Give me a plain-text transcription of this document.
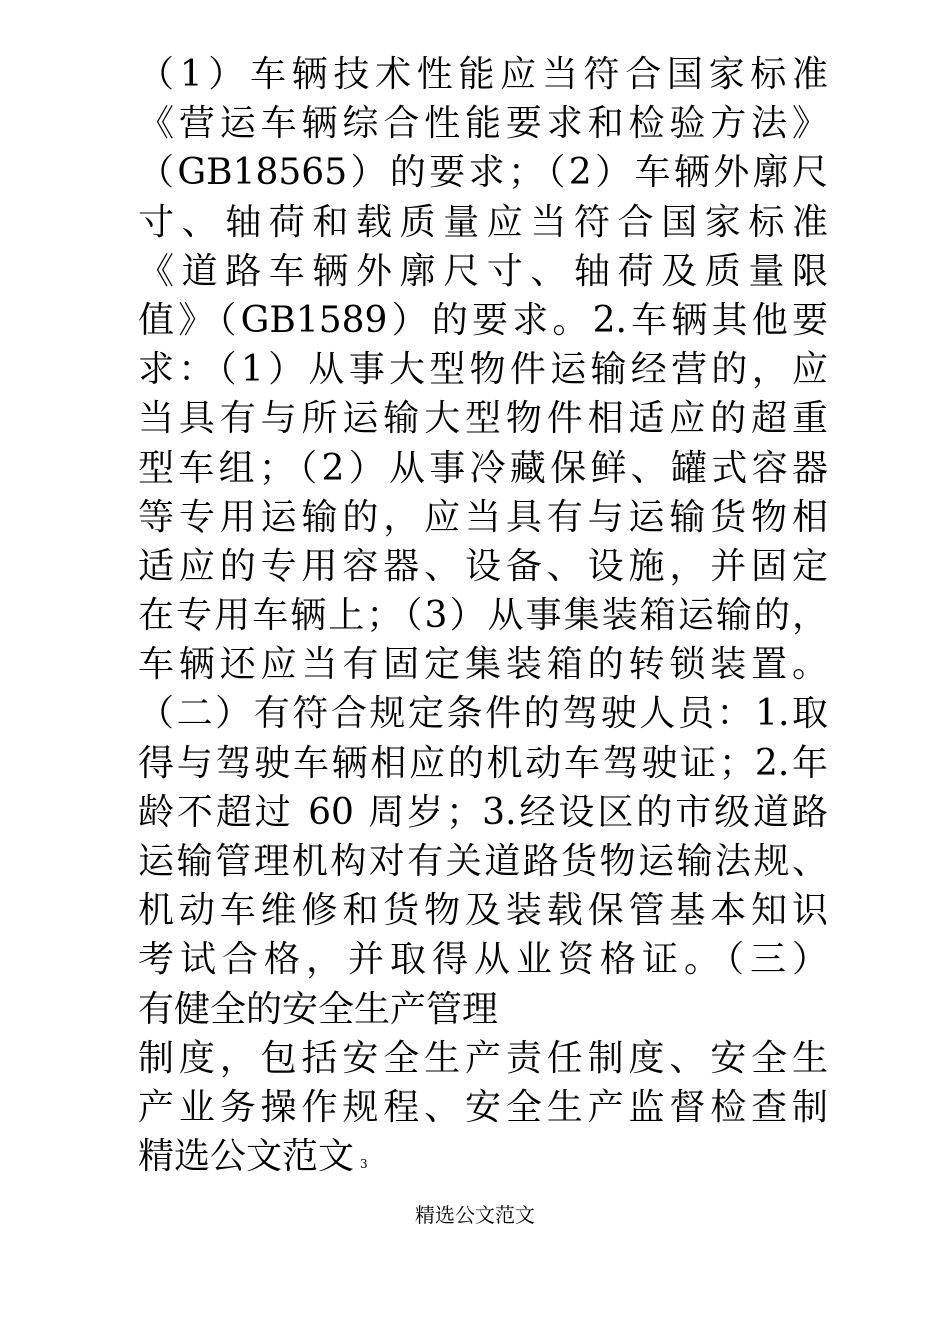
（1）车辆技术性能应当符合国家标准
《营运车辆综合性能要求和检验方法》
（GB18565）的要求；（2）车辆外廓尺
寸、轴荷和载质量应当符合国家标准
《道路车辆外廓尺寸、轴荷及质量限
值》（GB1589）的要求。2.车辆其他要
求：（1）从事大型物件运输经营的，应
当具有与所运输大型物件相适应的超重
型车组；（2）从事冷藏保鲜、罐式容器
等专用运输的，应当具有与运输货物相
适应的专用容器、设备、设施，并固定
在专用车辆上；（3）从事集装箱运输的，
车辆还应当有固定集装箱的转锁装置。
（二）有符合规定条件的驾驶人员：1.取
得与驾驶车辆相应的机动车驾驶证；2.年
龄不超过 60 周岁；3.经设区的市级道路
运输管理机构对有关道路货物运输法规、
机动车维修和货物及装载保管基本知识
考试合格，并取得从业资格证。（三）
有健全的安全生产管理
制度，包括安全生产责任制度、安全生
产业务操作规程、安全生产监督检查制
精选公文范文 3
精选公文范文
